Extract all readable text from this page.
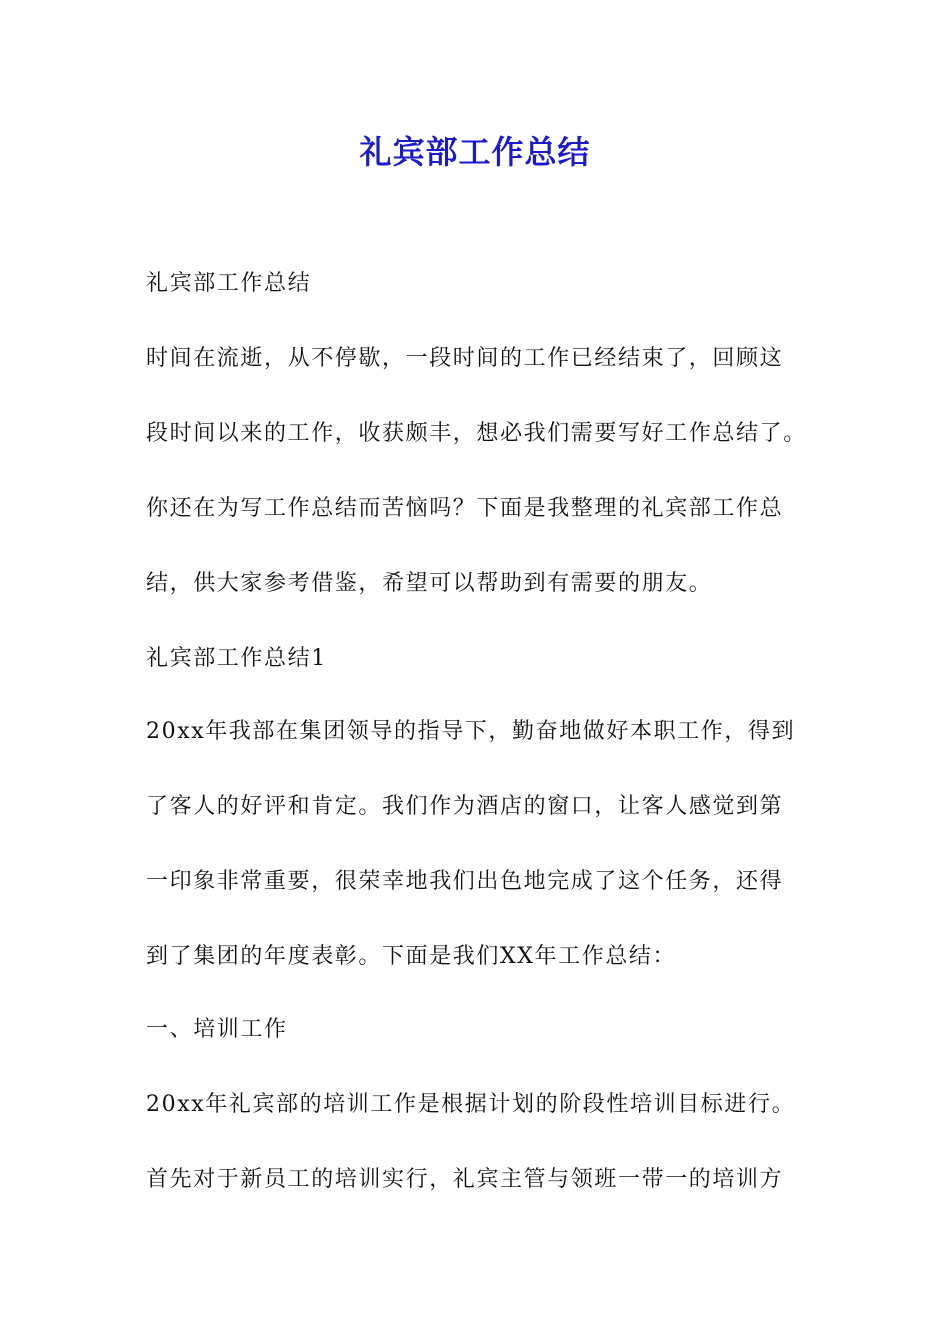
礼宾部工作总结
礼宾部工作总结
时间在流逝，从不停歇，一段时间的工作已经结束了，回顾这
段时间以来的工作，收获颇丰，想必我们需要写好工作总结了。
你还在为写工作总结而苦恼吗？下面是我整理的礼宾部工作总
结，供大家参考借鉴，希望可以帮助到有需要的朋友。
礼宾部工作总结1
20xx年我部在集团领导的指导下，勤奋地做好本职工作，得到
了客人的好评和肯定。我们作为酒店的窗口，让客人感觉到第
一印象非常重要，很荣幸地我们出色地完成了这个任务，还得
到了集团的年度表彰。下面是我们XX年工作总结：
一、培训工作
20xx年礼宾部的培训工作是根据计划的阶段性培训目标进行。
首先对于新员工的培训实行，礼宾主管与领班一带一的培训方
